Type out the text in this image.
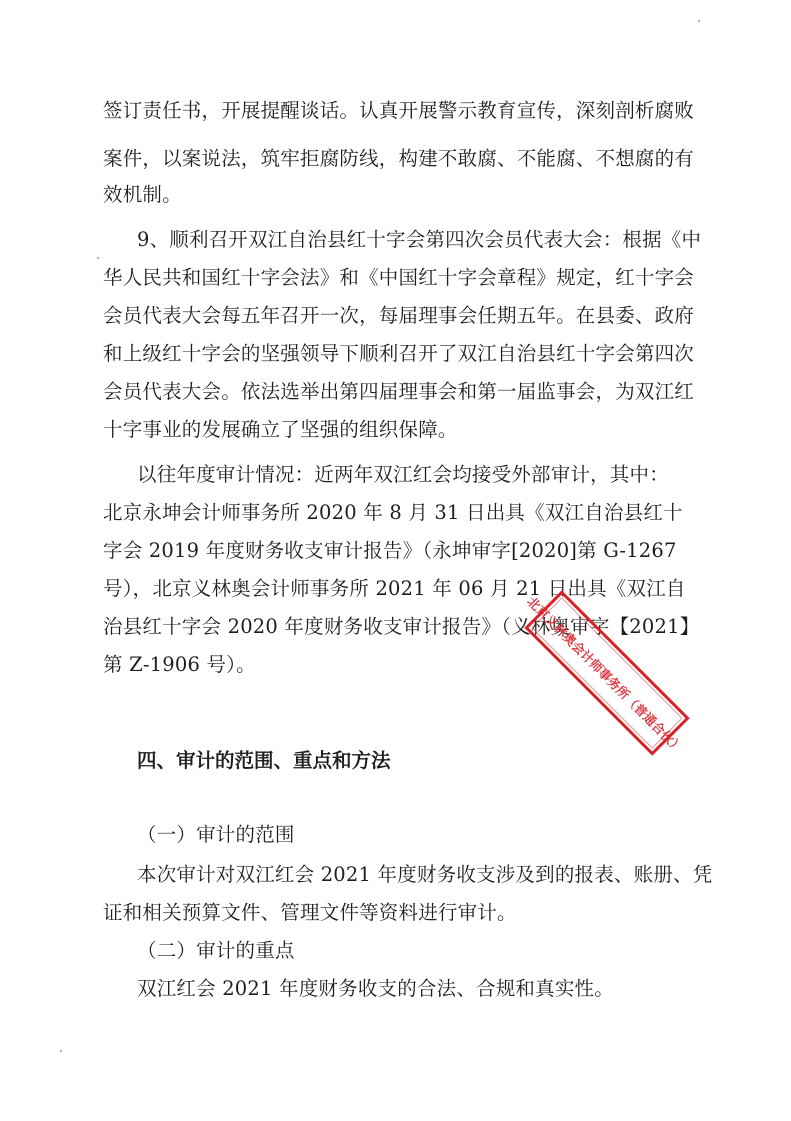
签订责任书，开展提醒谈话。认真开展警示教育宣传，深刻剖析腐败
案件，以案说法，筑牢拒腐防线，构建不敢腐、不能腐、不想腐的有
效机制。
9、顺利召开双江自治县红十字会第四次会员代表大会：根据《中
华人民共和国红十字会法》和《中国红十字会章程》规定，红十字会
会员代表大会每五年召开一次，每届理事会任期五年。在县委、政府
和上级红十字会的坚强领导下顺利召开了双江自治县红十字会第四次
会员代表大会。依法选举出第四届理事会和第一届监事会，为双江红
十字事业的发展确立了坚强的组织保障。
以往年度审计情况：近两年双江红会均接受外部审计，其中：
北京永坤会计师事务所 2020 年 8 月 31 日出具《双江自治县红十
字会 2019 年度财务收支审计报告》（永坤审字[2020]第 G-1267
号），北京义林奥会计师事务所 2021 年 06 月 21 日出具《双江自
治县红十字会 2020 年度财务收支审计报告》（义林奥审字【2021】
第 Z-1906 号）。
四、审计的范围、重点和方法
（一）审计的范围
本次审计对双江红会 2021 年度财务收支涉及到的报表、账册、凭
证和相关预算文件、管理文件等资料进行审计。
（二）审计的重点
双江红会 2021 年度财务收支的合法、合规和真实性。
北京义林奥会计师事务所（普通合伙）
